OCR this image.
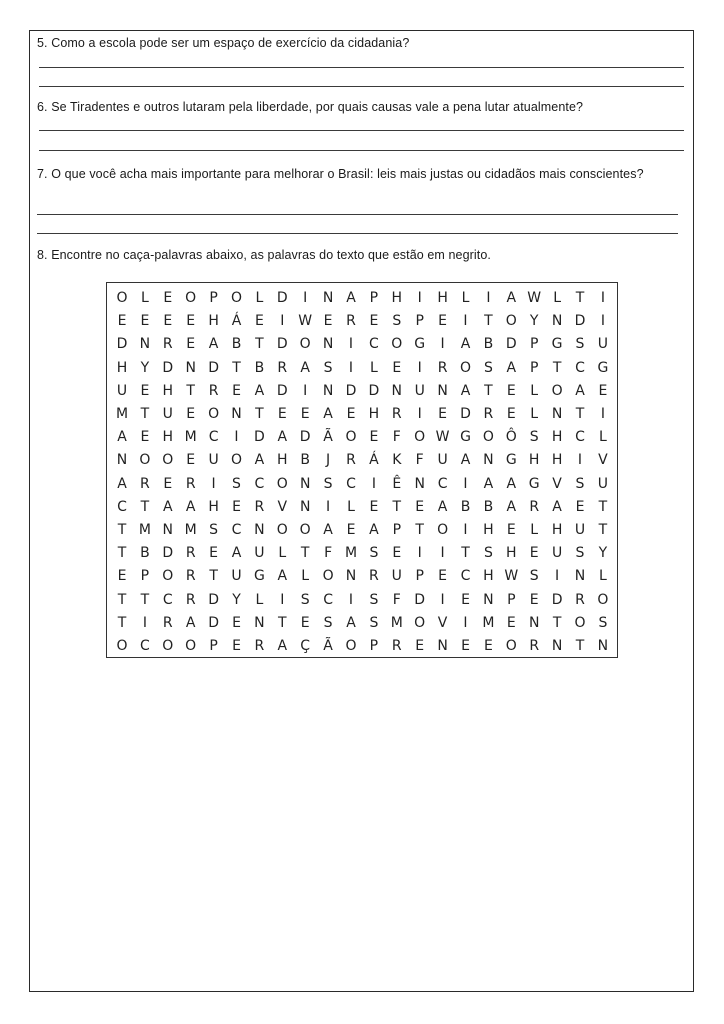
5. Como a escola pode ser um espaço de exercício da cidadania?
6. Se Tiradentes e outros lutaram pela liberdade, por quais causas vale a pena lutar atualmente?
7. O que você acha mais importante para melhorar o Brasil: leis mais justas ou cidadãos mais conscientes?
8. Encontre no caça-palavras abaixo, as palavras do texto que estão em negrito.
O L	E O P O L D	I	N A P H	I	H L	I	A W L	T	I
E	E	E	E H Á E	I W E R E	S	P	E	I	T O Y N D	I
D N R E A B T D O N	I	C O G	I	A B D P G S U
H Y D N D T B R A S	I	L	E	I	R O S A P	T C G
U E H T R E A D	I	N D D N U N A T	E	L O A E
M T U E O N T	E	E A E H R	I	E D R E	L N T	I
A E H M C	I	D A D Ã O E	F O W G O Ô S H C	L
N O O E U O A H B	J	R Á K	F U A N G H H	I	V
A R E R	I	S C O N S C	I	Ê N C	I	A A G V S U
C T A A H E R V N	I	L	E	T	E A B B A R A E	T
T M N M S C N O O A E A P	T O	I	H E	L H U T
T B D R E A U L	T	F M S	E	I	I	T	S H E U S	Y
E	P O R T U G A	L O N R U P	E C H W S	I	N L
T	T C R D Y	L	I	S C	I	S	F D	I	E N P	E D R O
T	I	R A D E N T	E	S A S M O V	I	M E N T O S
O C O O P	E R A Ç Ã O P R E N E	E O R N T N
